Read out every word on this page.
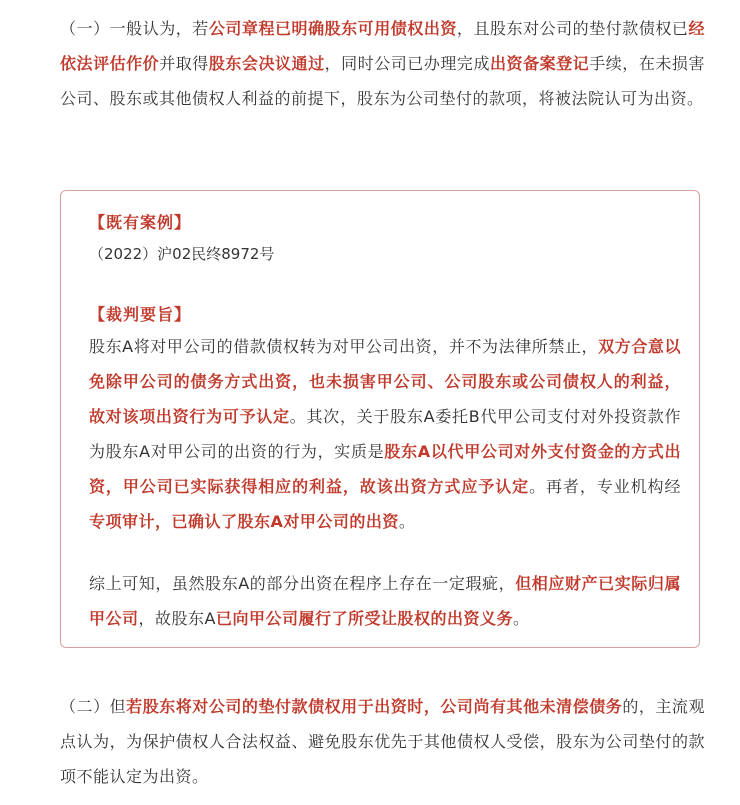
（一）一般认为，若公司章程已明确股东可用债权出资，且股东对公司的垫付款债权已经依法评估作价并取得股东会决议通过，同时公司已办理完成出资备案登记手续，在未损害公司、股东或其他债权人利益的前提下，股东为公司垫付的款项，将被法院认可为出资。

【既有案例】
（2022）沪02民终8972号
【裁判要旨】

股东A将对甲公司的借款债权转为对甲公司出资，并不为法律所禁止，双方合意以免除甲公司的债务方式出资，也未损害甲公司、公司股东或公司债权人的利益，故对该项出资行为可予认定。其次，关于股东A委托B代甲公司支付对外投资款作为股东A对甲公司的出资的行为，实质是股东A以代甲公司对外支付资金的方式出资，甲公司已实际获得相应的利益，故该出资方式应予认定。再者，专业机构经专项审计，已确认了股东A对甲公司的出资。

综上可知，虽然股东A的部分出资在程序上存在一定瑕疵，但相应财产已实际归属甲公司，故股东A已向甲公司履行了所受让股权的出资义务。

（二）但若股东将对公司的垫付款债权用于出资时，公司尚有其他未清偿债务的，主流观点认为，为保护债权人合法权益、避免股东优先于其他债权人受偿，股东为公司垫付的款项不能认定为出资。
